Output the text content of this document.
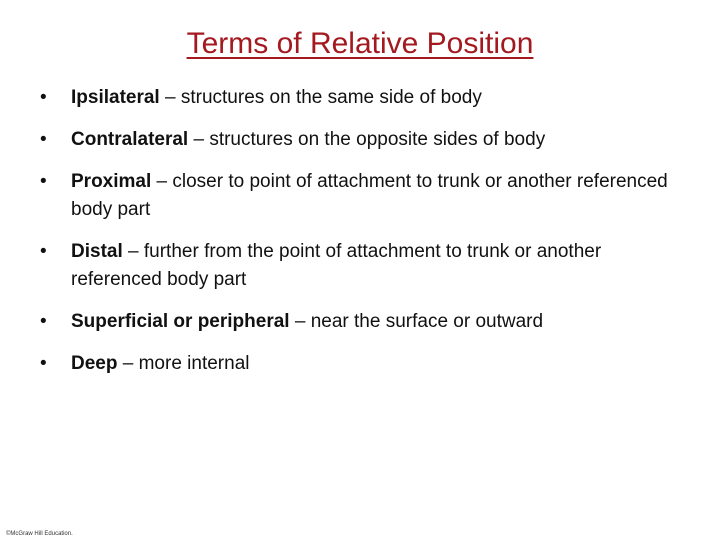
Terms of Relative Position
•	Ipsilateral – structures on the same side of body
•	Contralateral – structures on the opposite sides of body
•	Proximal – closer to point of attachment to trunk or another referenced body part
•	Distal – further from the point of attachment to trunk or another referenced body part
•	Superficial or peripheral – near the surface or outward
•	Deep – more internal
©McGraw Hill Education.
